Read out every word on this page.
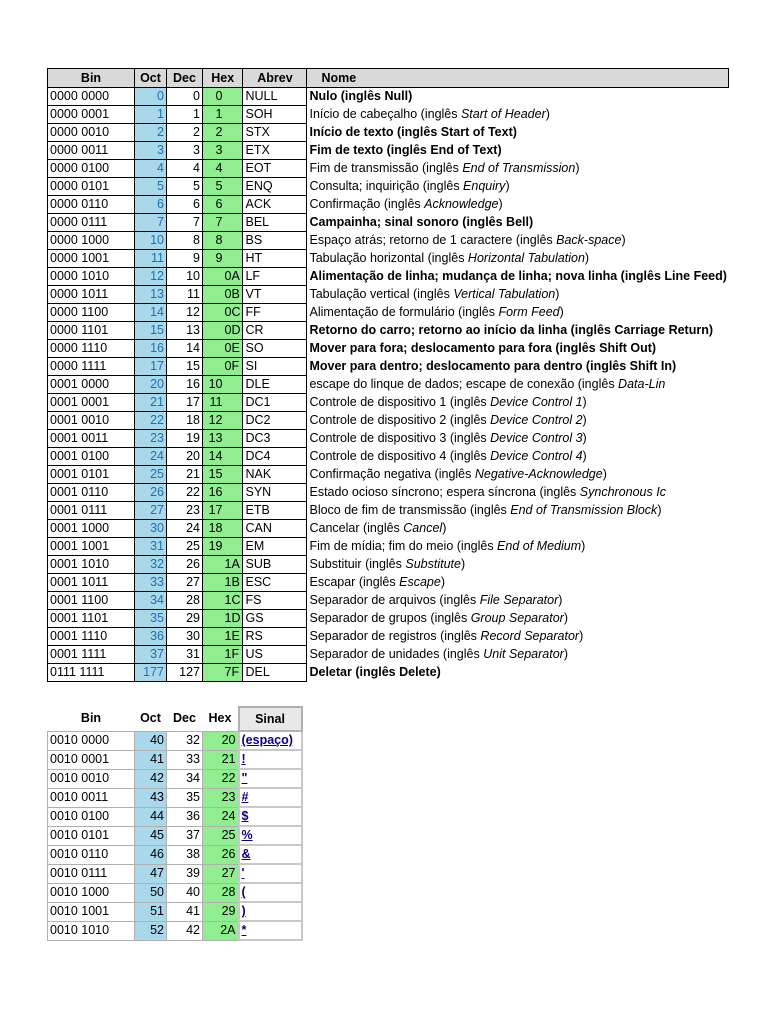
Bin	Oct	Dec	Hex		Abrev	Nome
0000 0000	0	0	0		NULL	Nulo (inglês Null)
0000 0001	1	1	1		SOH	Início de cabeçalho (inglês Start of Header)
0000 0010	2	2	2		STX	Início de texto (inglês Start of Text)
0000 0011	3	3	3		ETX	Fim de texto (inglês End of Text)
0000 0100	4	4	4		EOT	Fim de transmissão (inglês End of Transmission)
0000 0101	5	5	5		ENQ	Consulta; inquirição (inglês Enquiry)
0000 0110	6	6	6		ACK	Confirmação (inglês Acknowledge)
0000 0111	7	7	7		BEL	Campainha; sinal sonoro (inglês Bell)
0000 1000	10	8	8		BS	Espaço atrás; retorno de 1 caractere (inglês Back-space)
0000 1001	11	9	9		HT	Tabulação horizontal (inglês Horizontal Tabulation)
0000 1010	12	10		0A	LF	Alimentação de linha; mudança de linha; nova linha (inglês Line Feed)
0000 1011	13	11		0B	VT	Tabulação vertical (inglês Vertical Tabulation)
0000 1100	14	12		0C	FF	Alimentação de formulário (inglês Form Feed)
0000 1101	15	13		0D	CR	Retorno do carro; retorno ao início da linha (inglês Carriage Return)
0000 1110	16	14		0E	SO	Mover para fora; deslocamento para fora (inglês Shift Out)
0000 1111	17	15		0F	SI	Mover para dentro; deslocamento para dentro (inglês Shift In)
0001 0000	20	16	10		DLE	escape do linque de dados; escape de conexão (inglês Data-Lin
0001 0001	21	17	11		DC1	Controle de dispositivo 1 (inglês Device Control 1)
0001 0010	22	18	12		DC2	Controle de dispositivo 2 (inglês Device Control 2)
0001 0011	23	19	13		DC3	Controle de dispositivo 3 (inglês Device Control 3)
0001 0100	24	20	14		DC4	Controle de dispositivo 4 (inglês Device Control 4)
0001 0101	25	21	15		NAK	Confirmação negativa (inglês Negative-Acknowledge)
0001 0110	26	22	16		SYN	Estado ocioso síncrono; espera síncrona (inglês Synchronous Ic
0001 0111	27	23	17		ETB	Bloco de fim de transmissão (inglês End of Transmission Block)
0001 1000	30	24	18		CAN	Cancelar (inglês Cancel)
0001 1001	31	25	19		EM	Fim de mídia; fim do meio (inglês End of Medium)
0001 1010	32	26		1A	SUB	Substituir (inglês Substitute)
0001 1011	33	27		1B	ESC	Escapar (inglês Escape)
0001 1100	34	28		1C	FS	Separador de arquivos (inglês File Separator)
0001 1101	35	29		1D	GS	Separador de grupos (inglês Group Separator)
0001 1110	36	30		1E	RS	Separador de registros (inglês Record Separator)
0001 1111	37	31		1F	US	Separador de unidades (inglês Unit Separator)
0111 1111	177	127		7F	DEL	Deletar (inglês Delete)
Bin	Oct	Dec	Hex	Sinal
0010 0000	40	32	20	(espaço)
0010 0001	41	33	21	!
0010 0010	42	34	22	"
0010 0011	43	35	23	#
0010 0100	44	36	24	$
0010 0101	45	37	25	%
0010 0110	46	38	26	&
0010 0111	47	39	27	'
0010 1000	50	40	28	(
0010 1001	51	41	29	)
0010 1010	52	42	2A	*
